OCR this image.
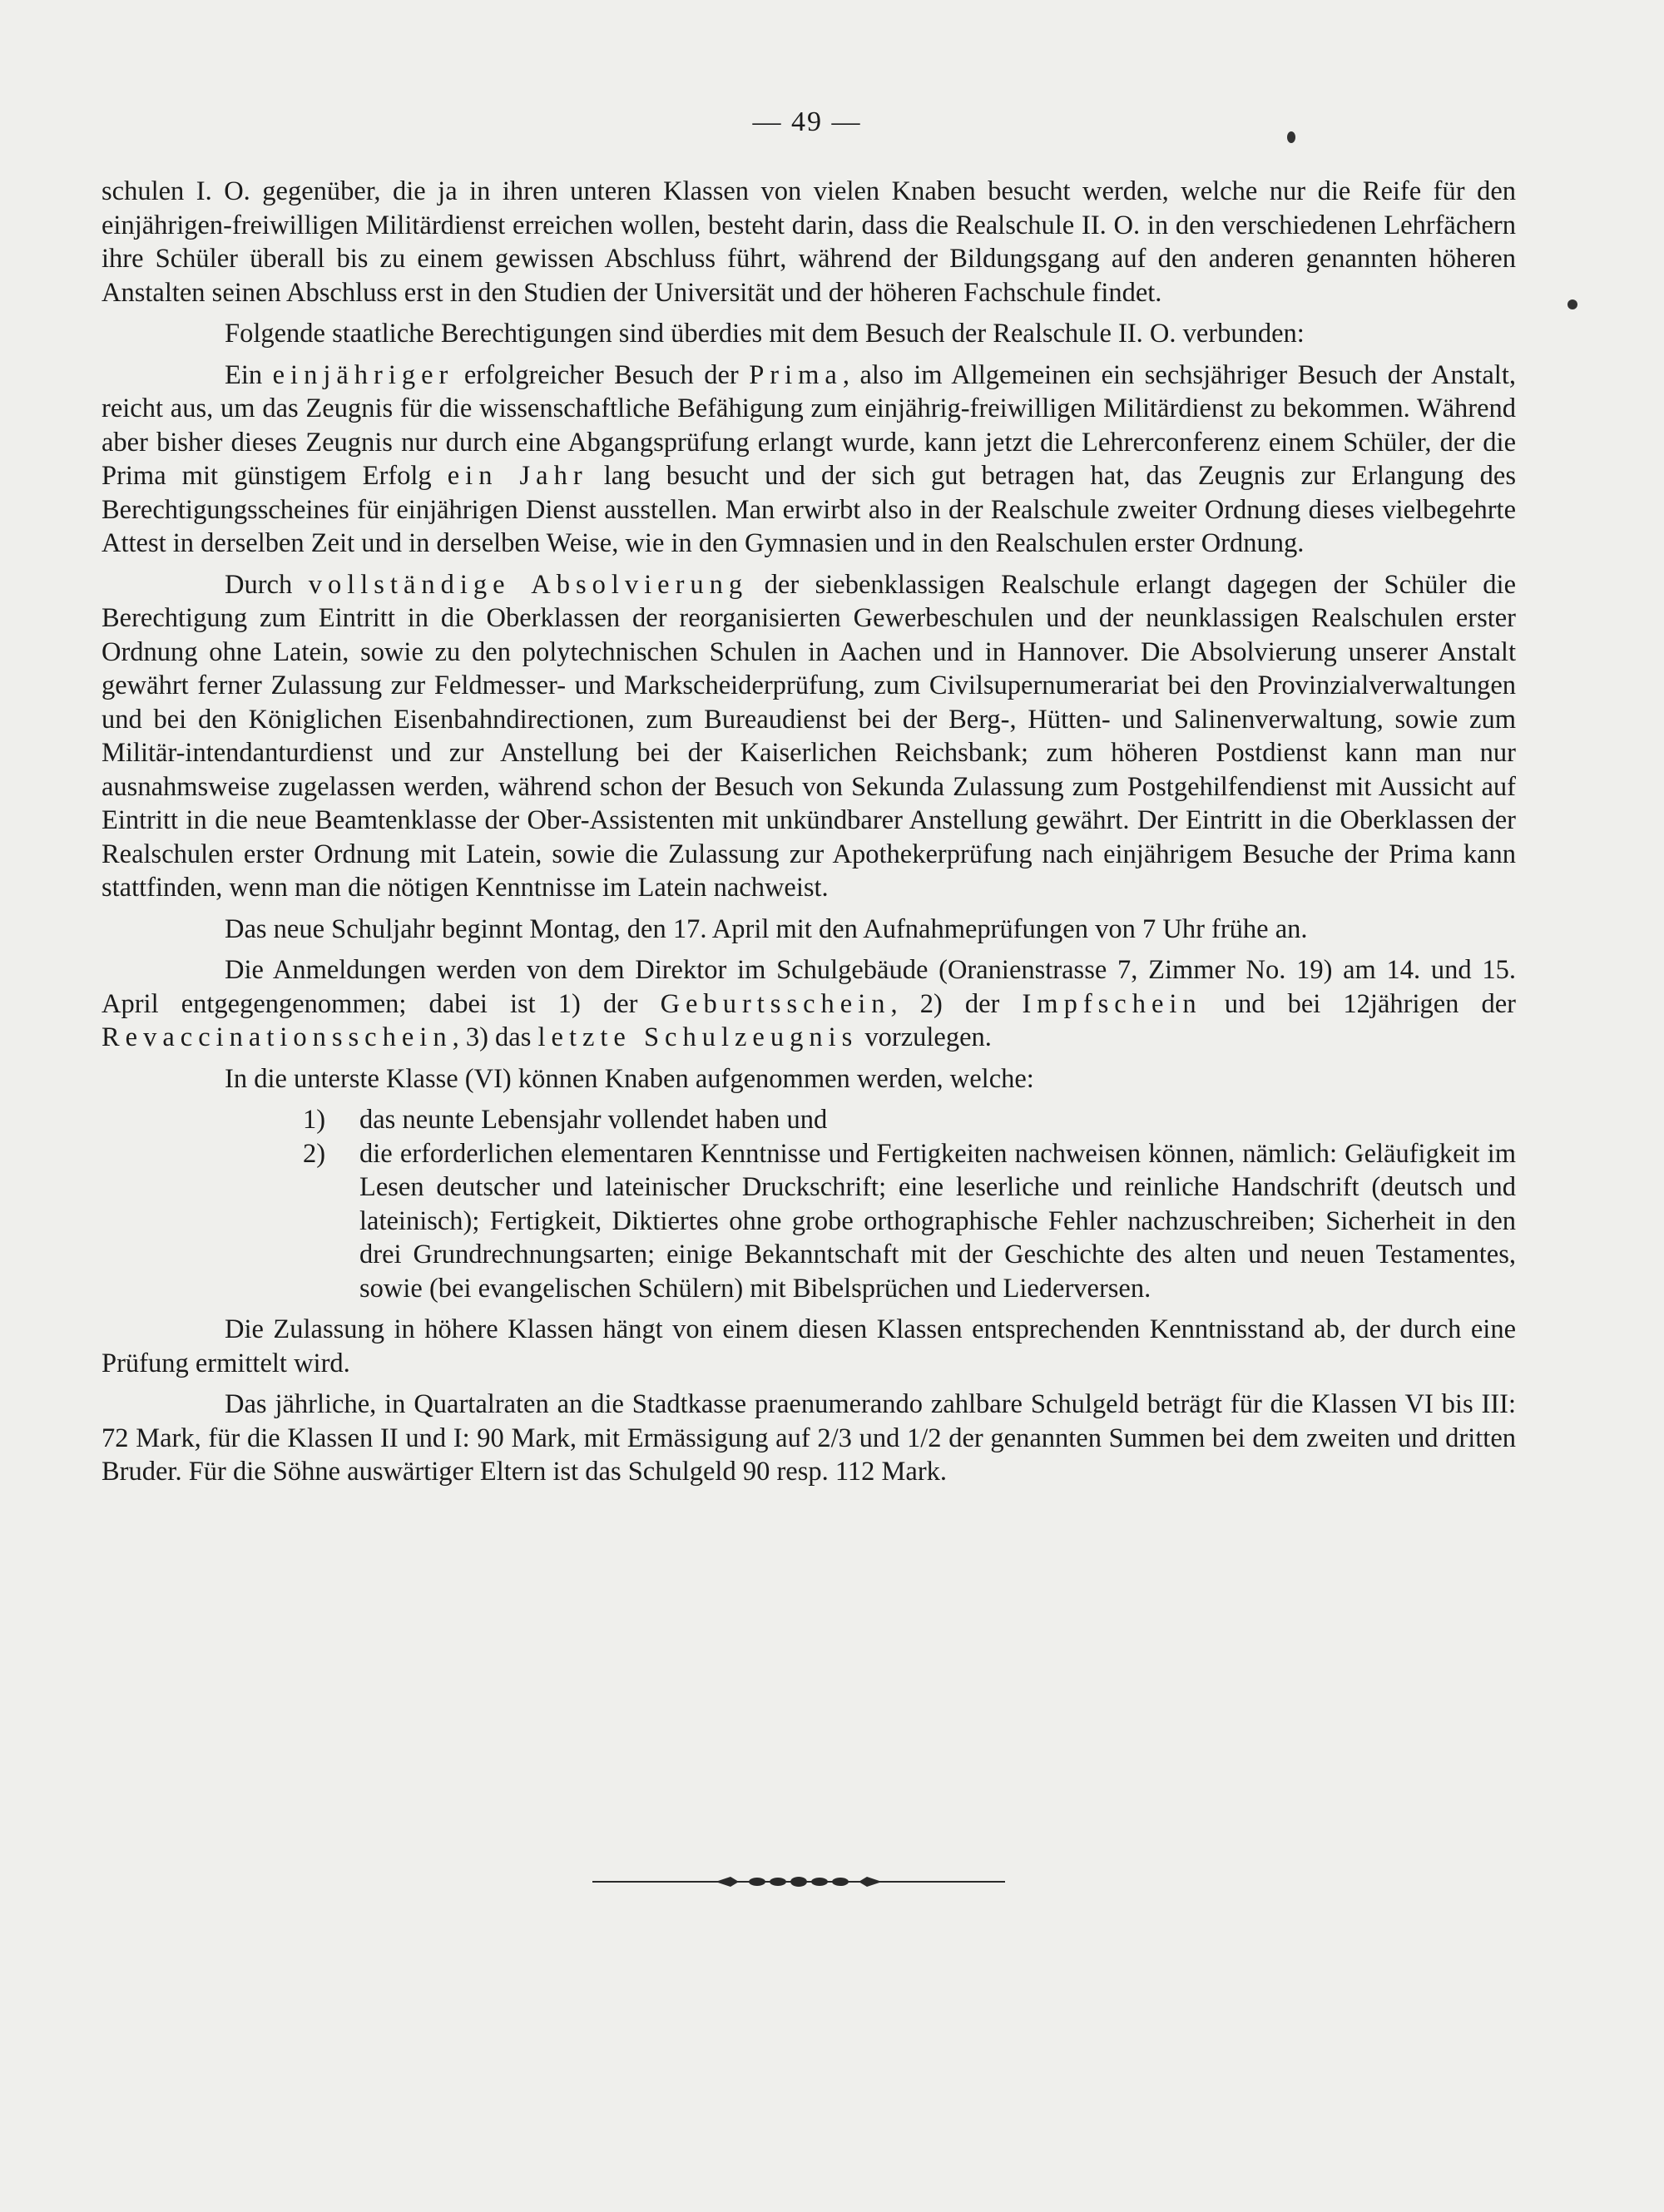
— 49 —

schulen I. O. gegenüber, die ja in ihren unteren Klassen von vielen Knaben besucht werden, welche nur die Reife für den einjährigen-freiwilligen Militärdienst erreichen wollen, besteht darin, dass die Realschule II. O. in den verschiedenen Lehrfächern ihre Schüler überall bis zu einem gewissen Abschluss führt, während der Bildungsgang auf den anderen genannten höheren Anstalten seinen Abschluss erst in den Studien der Universität und der höheren Fachschule findet.

Folgende staatliche Berechtigungen sind überdies mit dem Besuch der Realschule II. O. verbunden:

Ein einjähriger erfolgreicher Besuch der Prima, also im Allgemeinen ein sechsjähriger Besuch der Anstalt, reicht aus, um das Zeugnis für die wissenschaftliche Befähigung zum einjährig-freiwilligen Militärdienst zu bekommen. Während aber bisher dieses Zeugnis nur durch eine Abgangsprüfung erlangt wurde, kann jetzt die Lehrerconferenz einem Schüler, der die Prima mit günstigem Erfolg ein Jahr lang besucht und der sich gut betragen hat, das Zeugnis zur Erlangung des Berechtigungsscheines für einjährigen Dienst ausstellen. Man erwirbt also in der Realschule zweiter Ordnung dieses vielbegehrte Attest in derselben Zeit und in derselben Weise, wie in den Gymnasien und in den Realschulen erster Ordnung.

Durch vollständige Absolvierung der siebenklassigen Realschule erlangt dagegen der Schüler die Berechtigung zum Eintritt in die Oberklassen der reorganisierten Gewerbeschulen und der neunklassigen Realschulen erster Ordnung ohne Latein, sowie zu den polytechnischen Schulen in Aachen und in Hannover. Die Absolvierung unserer Anstalt gewährt ferner Zulassung zur Feldmesser- und Markscheiderprüfung, zum Civilsupernumerariat bei den Provinzialverwaltungen und bei den Königlichen Eisenbahndirectionen, zum Bureaudienst bei der Berg-, Hütten- und Salinenverwaltung, sowie zum Militär-intendanturdienst und zur Anstellung bei der Kaiserlichen Reichsbank; zum höheren Postdienst kann man nur ausnahmsweise zugelassen werden, während schon der Besuch von Sekunda Zulassung zum Postgehilfendienst mit Aussicht auf Eintritt in die neue Beamtenklasse der Ober-Assistenten mit unkündbarer Anstellung gewährt. Der Eintritt in die Oberklassen der Realschulen erster Ordnung mit Latein, sowie die Zulassung zur Apothekerprüfung nach einjährigem Besuche der Prima kann stattfinden, wenn man die nötigen Kenntnisse im Latein nachweist.

Das neue Schuljahr beginnt Montag, den 17. April mit den Aufnahmeprüfungen von 7 Uhr frühe an.

Die Anmeldungen werden von dem Direktor im Schulgebäude (Oranienstrasse 7, Zimmer No. 19) am 14. und 15. April entgegengenommen; dabei ist 1) der Geburtsschein, 2) der Impfschein und bei 12jährigen der Revaccinationsschein, 3) das letzte Schulzeugnis vorzulegen.

In die unterste Klasse (VI) können Knaben aufgenommen werden, welche:

1)	das neunte Lebensjahr vollendet haben und
2)	die erforderlichen elementaren Kenntnisse und Fertigkeiten nachweisen können, nämlich: Geläufigkeit im Lesen deutscher und lateinischer Druckschrift; eine leserliche und reinliche Handschrift (deutsch und lateinisch); Fertigkeit, Diktiertes ohne grobe orthographische Fehler nachzuschreiben; Sicherheit in den drei Grundrechnungsarten; einige Bekanntschaft mit der Geschichte des alten und neuen Testamentes, sowie (bei evangelischen Schülern) mit Bibelsprüchen und Liederversen.

Die Zulassung in höhere Klassen hängt von einem diesen Klassen entsprechenden Kenntnisstand ab, der durch eine Prüfung ermittelt wird.

Das jährliche, in Quartalraten an die Stadtkasse praenumerando zahlbare Schulgeld beträgt für die Klassen VI bis III: 72 Mark, für die Klassen II und I: 90 Mark, mit Ermässigung auf 2/3 und 1/2 der genannten Summen bei dem zweiten und dritten Bruder. Für die Söhne auswärtiger Eltern ist das Schulgeld 90 resp. 112 Mark.
